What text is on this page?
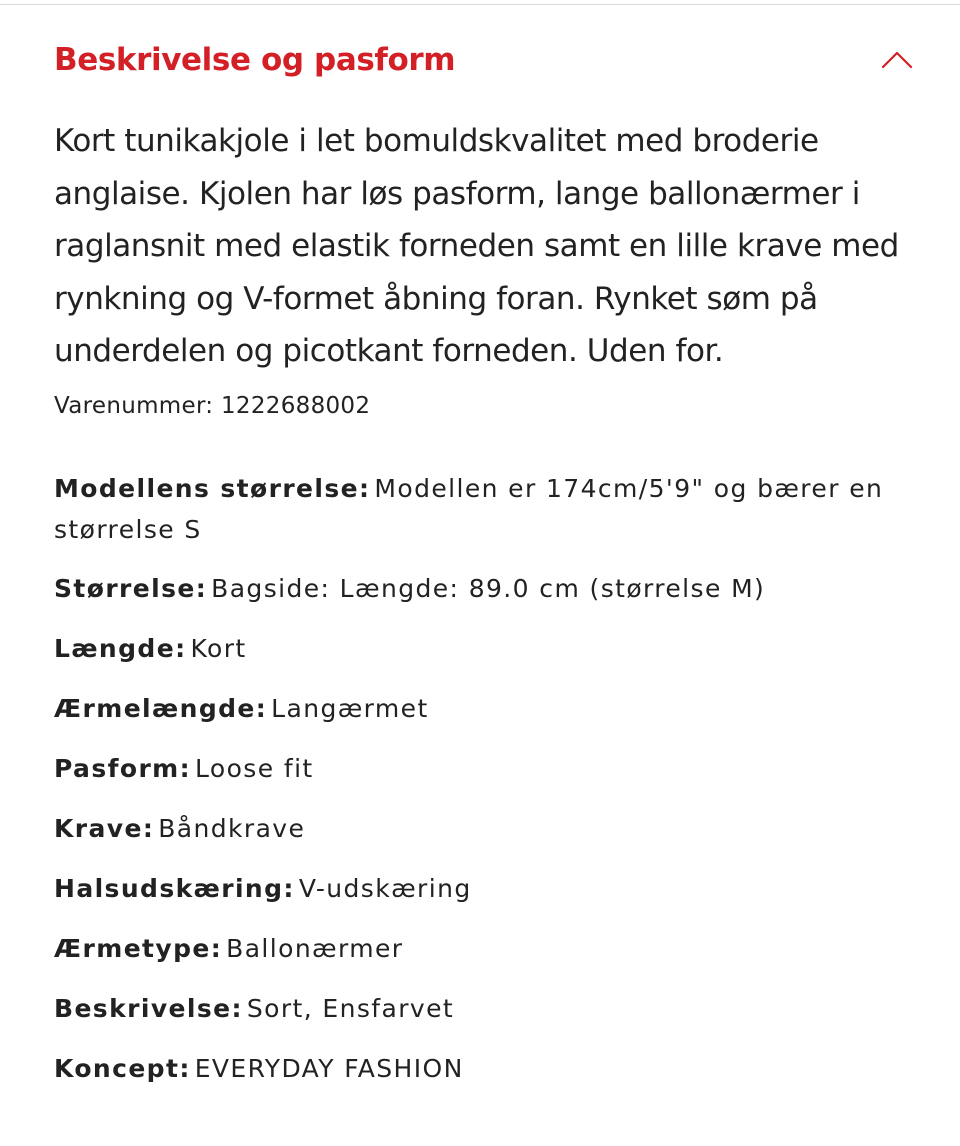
Beskrivelse og pasform

Kort tunikakjole i let bomuldskvalitet med broderie anglaise. Kjolen har løs pasform, lange ballonærmer i raglansnit med elastik forneden samt en lille krave med rynkning og V-formet åbning foran. Rynket søm på underdelen og picotkant forneden. Uden for.

Varenummer: 1222688002
Modellens størrelse: Modellen er 174cm/5'9" og bærer en størrelse S
Størrelse: Bagside: Længde: 89.0 cm (størrelse M)
Længde: Kort
Ærmelængde: Langærmet
Pasform: Loose fit
Krave: Båndkrave
Halsudskæring: V-udskæring
Ærmetype: Ballonærmer
Beskrivelse: Sort, Ensfarvet
Koncept: EVERYDAY FASHION
